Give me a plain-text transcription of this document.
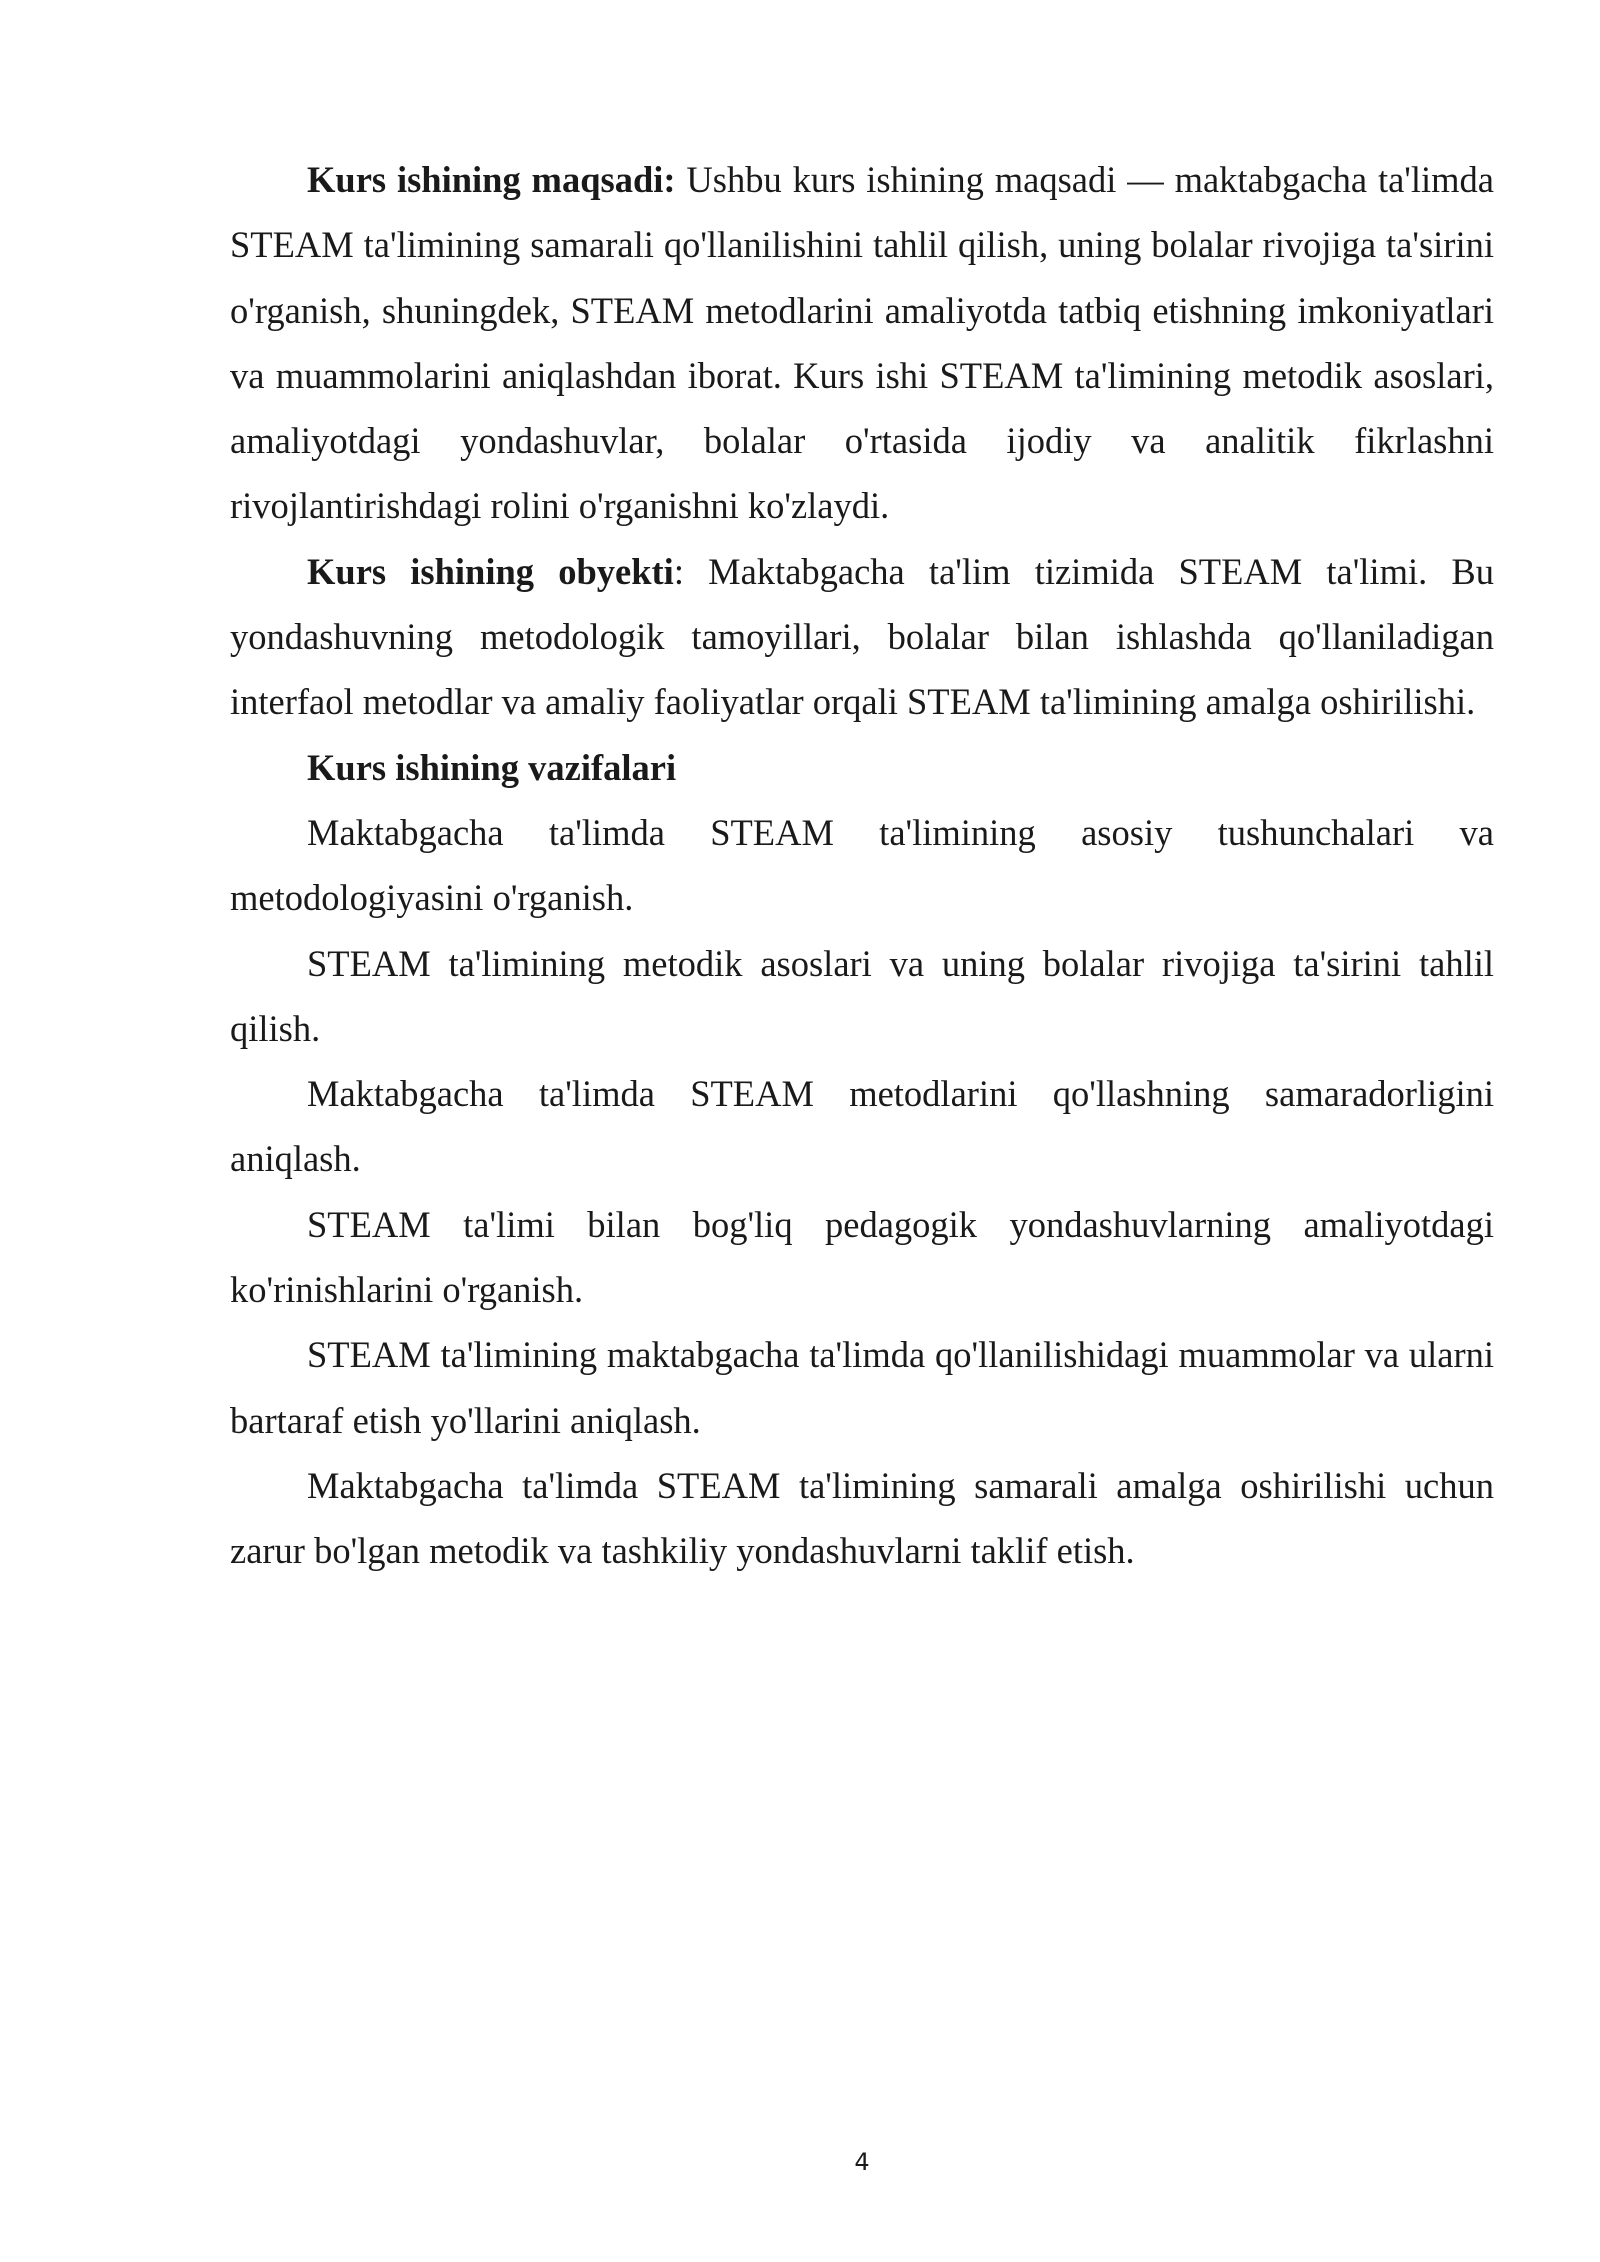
Kurs ishining maqsadi: Ushbu kurs ishining maqsadi — maktabgacha ta'limda STEAM ta'limining samarali qo'llanilishini tahlil qilish, uning bolalar rivojiga ta'sirini o'rganish, shuningdek, STEAM metodlarini amaliyotda tatbiq etishning imkoniyatlari va muammolarini aniqlashdan iborat. Kurs ishi STEAM ta'limining metodik asoslari, amaliyotdagi yondashuvlar, bolalar o'rtasida ijodiy va analitik fikrlashni rivojlantirishdagi rolini o'rganishni ko'zlaydi.

Kurs ishining obyekti: Maktabgacha ta'lim tizimida STEAM ta'limi. Bu yondashuvning metodologik tamoyillari, bolalar bilan ishlashda qo'llaniladigan interfaol metodlar va amaliy faoliyatlar orqali STEAM ta'limining amalga oshirilishi.

Kurs ishining vazifalari

Maktabgacha ta'limda STEAM ta'limining asosiy tushunchalari va metodologiyasini o'rganish.

STEAM ta'limining metodik asoslari va uning bolalar rivojiga ta'sirini tahlil qilish.

Maktabgacha ta'limda STEAM metodlarini qo'llashning samaradorligini aniqlash.

STEAM ta'limi bilan bog'liq pedagogik yondashuvlarning amaliyotdagi ko'rinishlarini o'rganish.

STEAM ta'limining maktabgacha ta'limda qo'llanilishidagi muammolar va ularni bartaraf etish yo'llarini aniqlash.

Maktabgacha ta'limda STEAM ta'limining samarali amalga oshirilishi uchun zarur bo'lgan metodik va tashkiliy yondashuvlarni taklif etish.

4
